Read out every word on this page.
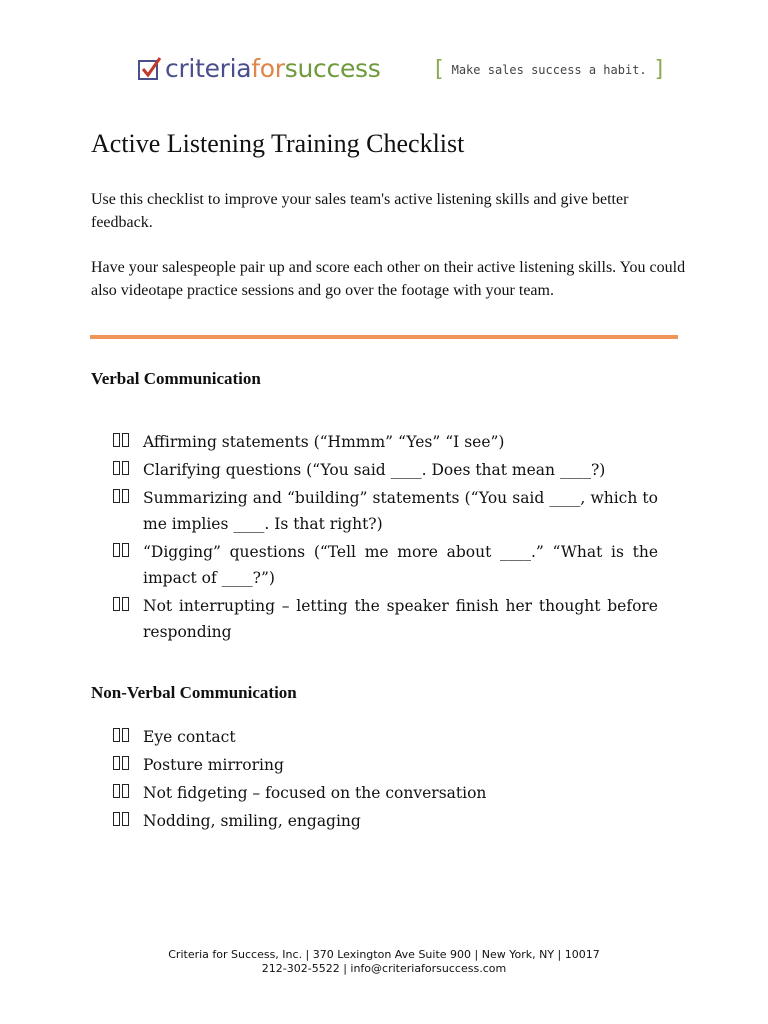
criteriaforsuccess [ Make sales success a habit. ]
Active Listening Training Checklist

Use this checklist to improve your sales team's active listening skills and give better feedback.

Have your salespeople pair up and score each other on their active listening skills. You could also videotape practice sessions and go over the footage with your team.

Verbal Communication
Affirming statements (“Hmmm” “Yes” “I see”)
Clarifying questions (“You said ____. Does that mean ____?)
Summarizing and “building” statements (“You said ____, which to me implies ____. Is that right?)
“Digging” questions (“Tell me more about ____.” “What is the impact of ____?”)
Not interrupting – letting the speaker finish her thought before responding
Non-Verbal Communication
Eye contact
Posture mirroring
Not fidgeting – focused on the conversation
Nodding, smiling, engaging
Criteria for Success, Inc. | 370 Lexington Ave Suite 900 | New York, NY | 10017
212-302-5522 | info@criteriaforsuccess.com
